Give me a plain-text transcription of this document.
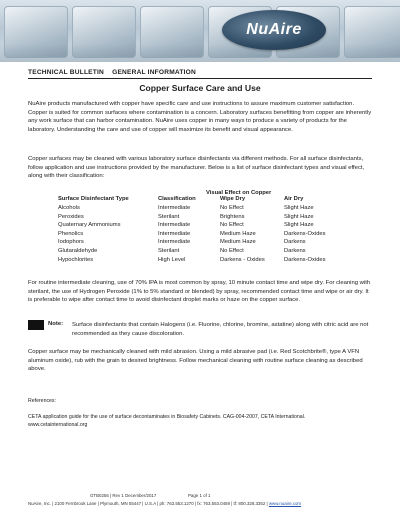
NuAire
TECHNICAL BULLETIN    GENERAL INFORMATION
Copper Surface Care and Use

NuAire products manufactured with copper have specific care and use instructions to assure maximum customer satisfaction. Copper is suited for common surfaces where contamination is a concern. Laboratory surfaces benefitting from copper are inherently any work surface that can harbor contamination. NuAire uses copper in many ways to produce a variety of products for the laboratory. Understanding the care and use of copper will maximize its benefit and visual appearance.

Copper surfaces may be cleaned with various laboratory surface disinfectants via different methods. For all surface disinfectants, follow application and use instructions provided by the manufacturer. Below is a list of surface disinfectant types and visual effect, along with their classification:

Visual Effect on Copper
Surface Disinfectant Type	Classification	Wipe Dry	Air Dry
Alcohols	Intermediate	No Effect	Slight Haze
Peroxides	Sterilant	Brightens	Slight Haze
Quaternary Ammoniums	Intermediate	No Effect	Slight Haze
Phenolics	Intermediate	Medium Haze	Darkens-Oxides
Iodophors	Intermediate	Medium Haze	Darkens
Glutaraldehyde	Sterilant	No Effect	Darkens
Hypochlorites	High Level	Darkens - Oxides	Darkens-Oxides

For routine intermediate cleaning, use of 70% IPA is most common by spray, 10 minute contact time and wipe dry. For cleaning with sterilant, the use of Hydrogen Peroxide (1% to 5% standard or blended) by spray, recommended contact time and wipe or air dry. It is preferable to wipe after contact time to avoid disinfectant droplet marks or haze on the copper surface.

Note: Surface disinfectants that contain Halogens (i.e. Fluorine, chlorine, bromine, astatine) along with citric acid are not recommended as they cause discoloration.

Copper surface may be mechanically cleaned with mild abrasion. Using a mild abrasive pad (i.e. Red Scotchbrite®, type A VFN aluminum oxide), rub with the grain to desired brightness. Follow mechanical cleaning with routine surface cleaning as described above.

References:

CETA application guide for the use of surface decontaminates in Biosafety Cabinets. CAG-004-2007, CETA International.

www.cetainternational.org

GTB0256 | Rev 1 December/2017	Page 1 of 1
NuAire, Inc. | 2100 Fernbrook Lane | Plymouth, MN 55447 | U.S.A | ph: 763.553.1270 | fx: 763.553.0459 | tf: 800.328.3352 | www.nuaire.com
